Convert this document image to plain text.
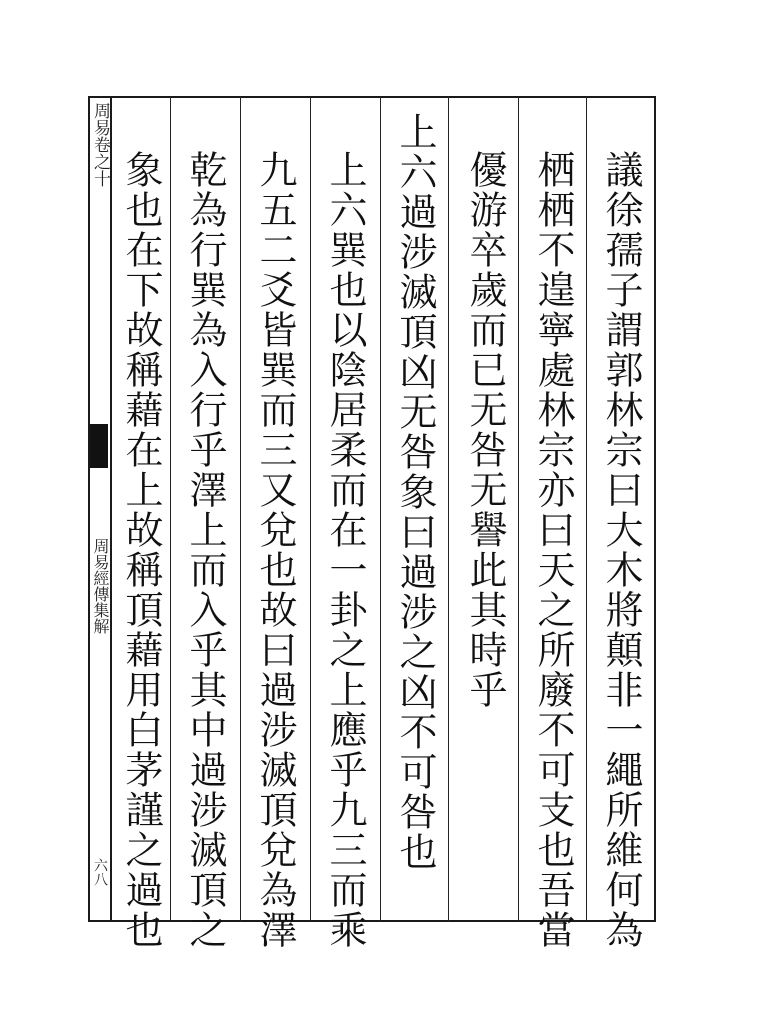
周易卷之十
周易經傳集解
六八	議徐孺子謂郭林宗曰大木將顛非一繩所維何為
栖栖不遑寧處林宗亦曰天之所廢不可支也吾當
優游卒歲而已无咎无譽此其時乎
上六過涉滅頂凶无咎象曰過涉之凶不可咎也
上六巽也以陰居柔而在一卦之上應乎九三而乘
九五二爻皆巽而三又兌也故曰過涉滅頂兌為澤
乾為行巽為入行乎澤上而入乎其中過涉滅頂之
象也在下故稱藉在上故稱頂藉用白茅謹之過也
